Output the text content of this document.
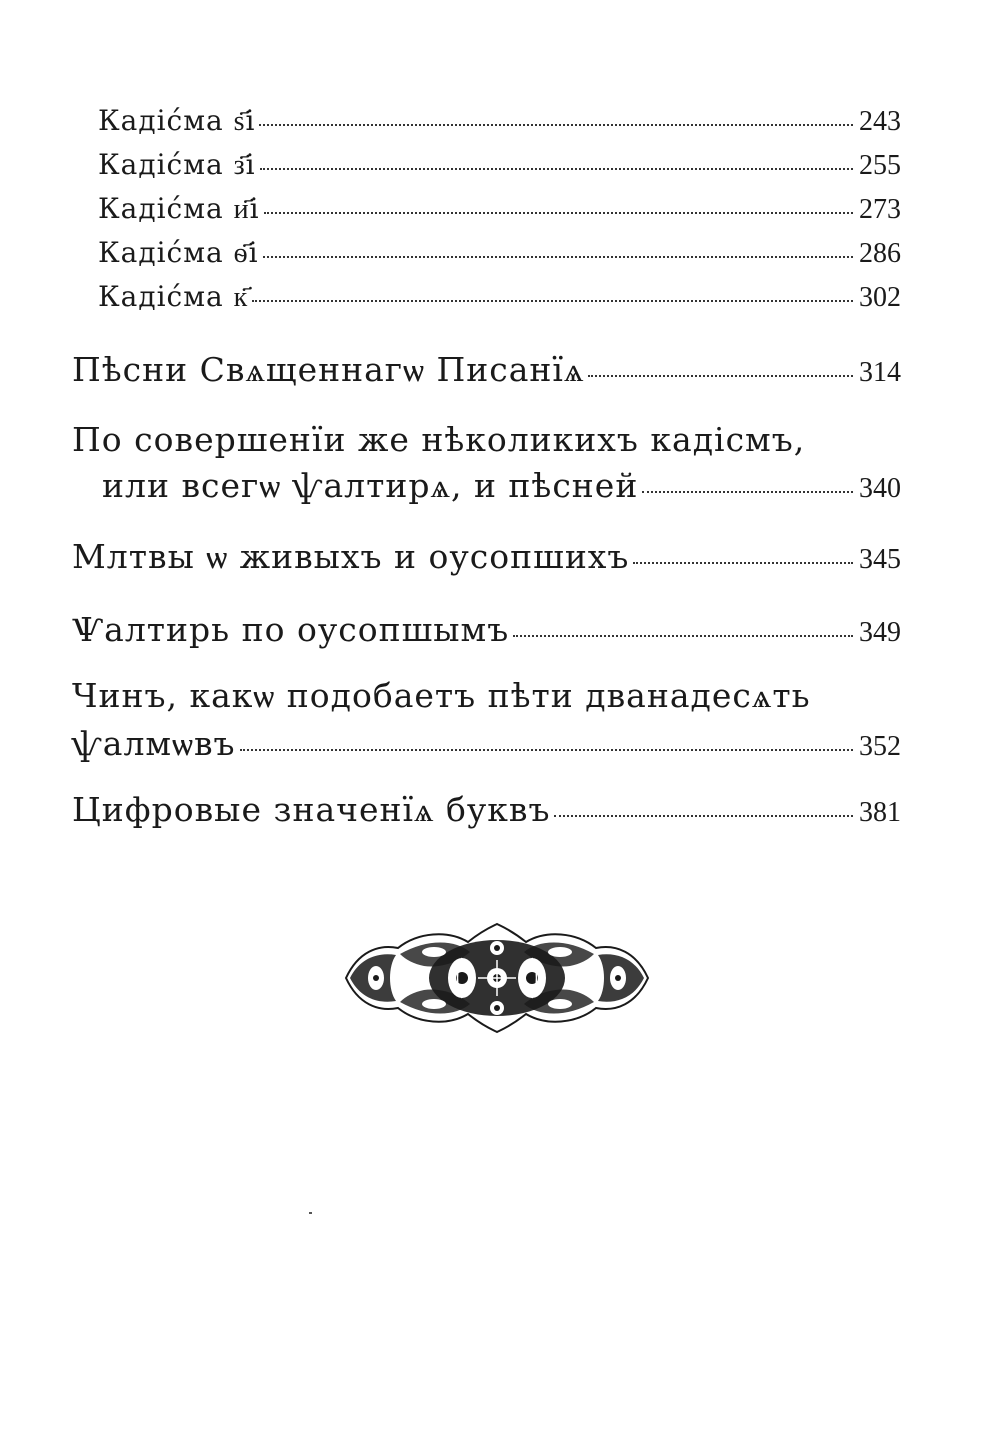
Кадіс́ма ѕ҃і	243
Кадіс́ма з҃і	255
Кадіс́ма и҃і	273
Кадіс́ма ѳ҃і	286
Кадіс́ма к҃	302
Пѣсни Свѧщеннагѡ Писанїѧ	314
По совершенїи же нѣколикихъ кадісмъ,
или всегѡ ѱалтирѧ, и пѣсней	340
Млтвы ѡ живыхъ и оусопшихъ	345
Ѱалтирь по оусопшымъ	349
Чинъ, какѡ подобаетъ пѣти дванадесѧть
ѱалмѡвъ	352
Цифровые значенїѧ буквъ	381
